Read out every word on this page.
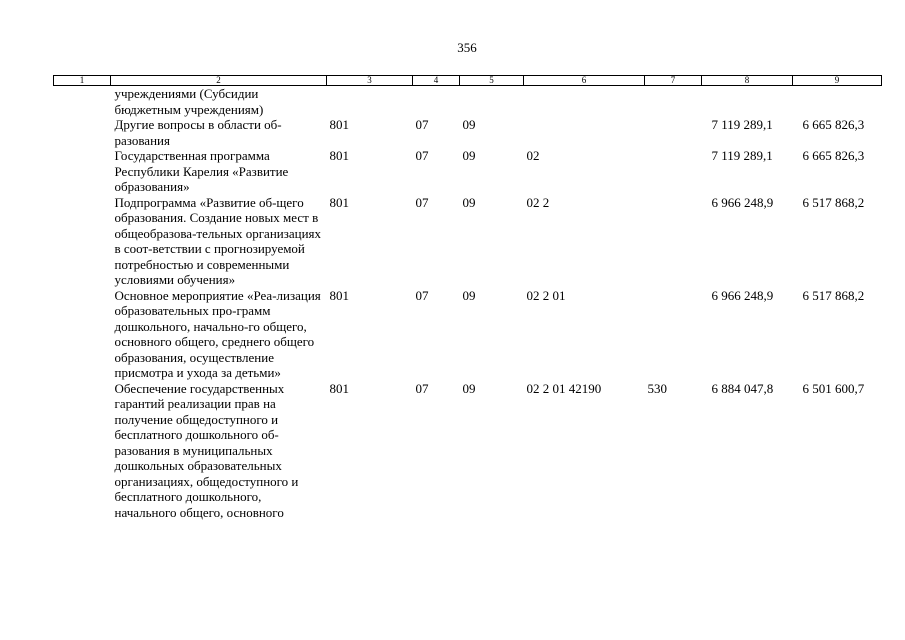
356
1	2	3	4	5	6	7	8	9
	учреждениями (Субсидии бюджетным учреждениям)							
	Другие вопросы в области об-разования	801	07	09			7 119 289,1	6 665 826,3
	Государственная программа Республики Карелия «Развитие образования»	801	07	09	02		7 119 289,1	6 665 826,3
	Подпрограмма «Развитие об-щего образования. Создание новых мест в общеобразова-тельных организациях в соот-ветствии с прогнозируемой потребностью и современными условиями обучения»	801	07	09	02 2		6 966 248,9	6 517 868,2
	Основное мероприятие «Реа-лизация образовательных про-грамм дошкольного, начально-го общего, основного общего, среднего общего образования, осуществление присмотра и ухода за детьми»	801	07	09	02 2 01		6 966 248,9	6 517 868,2
	Обеспечение государственных гарантий реализации прав на получение общедоступного и бесплатного дошкольного об-разования в муниципальных дошкольных образовательных организациях, общедоступного и бесплатного дошкольного, начального общего, основного	801	07	09	02 2 01 42190	530	6 884 047,8	6 501 600,7
